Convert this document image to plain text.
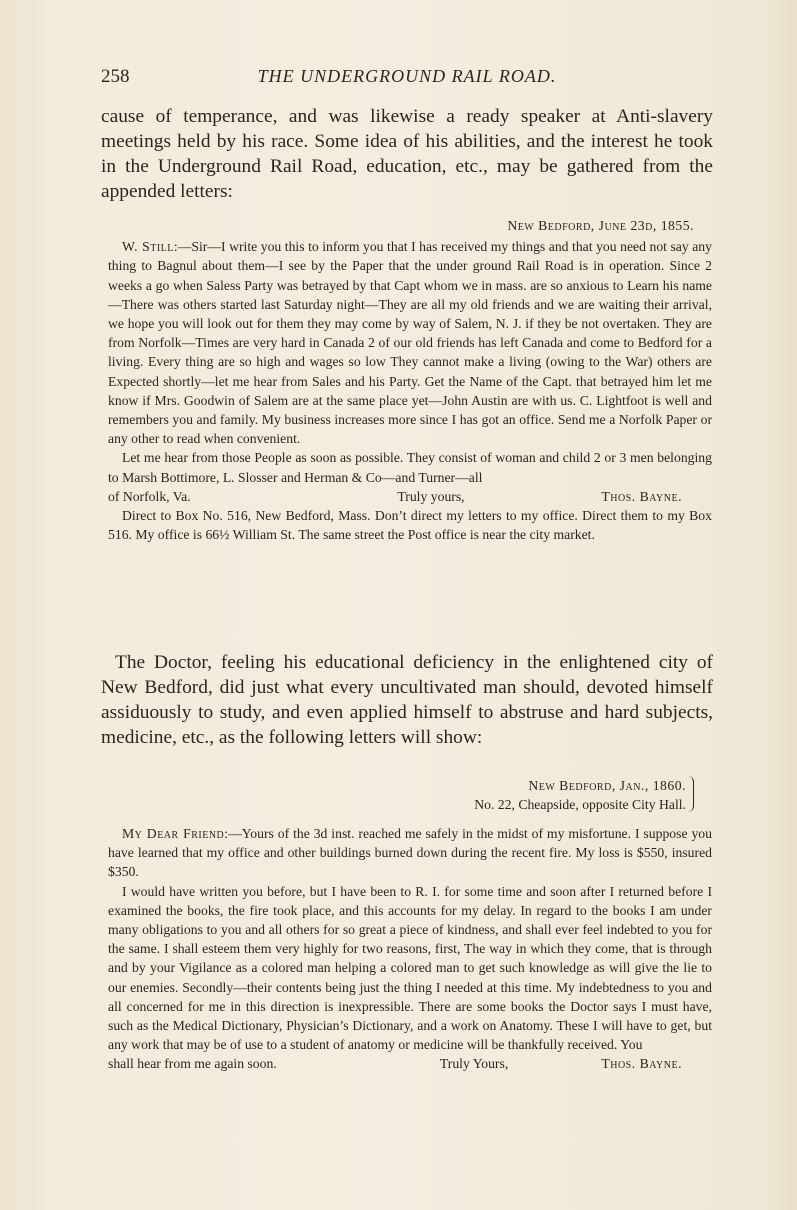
258	THE UNDERGROUND RAIL ROAD.

cause of temperance, and was likewise a ready speaker at Anti-slavery meetings held by his race. Some idea of his abilities, and the interest he took in the Underground Rail Road, education, etc., may be gathered from the appended letters:

New Bedford, June 23d, 1855.

W. Still:—Sir—I write you this to inform you that I has received my things and that you need not say any thing to Bagnul about them—I see by the Paper that the under ground Rail Road is in operation. Since 2 weeks a go when Saless Party was betrayed by that Capt whom we in mass. are so anxious to Learn his name—There was others started last Saturday night—They are all my old friends and we are waiting their arrival, we hope you will look out for them they may come by way of Salem, N. J. if they be not overtaken. They are from Norfolk—Times are very hard in Canada 2 of our old friends has left Canada and come to Bedford for a living. Every thing are so high and wages so low They cannot make a living (owing to the War) others are Expected shortly—let me hear from Sales and his Party. Get the Name of the Capt. that betrayed him let me know if Mrs. Goodwin of Salem are at the same place yet—John Austin are with us. C. Lightfoot is well and remembers you and family. My business increases more since I has got an office. Send me a Norfolk Paper or any other to read when convenient.

Let me hear from those People as soon as possible. They consist of woman and child 2 or 3 men belonging to Marsh Bottimore, L. Slosser and Herman & Co—and Turner—all

of Norfolk, Va.	Truly yours,	Thos. Bayne.

Direct to Box No. 516, New Bedford, Mass. Don’t direct my letters to my office. Direct them to my Box 516. My office is 66½ William St. The same street the Post office is near the city market.

The Doctor, feeling his educational deficiency in the enlightened city of New Bedford, did just what every uncultivated man should, devoted himself assiduously to study, and even applied himself to abstruse and hard subjects, medicine, etc., as the following letters will show:

New Bedford, Jan., 1860.
No. 22, Cheapside, opposite City Hall.

My Dear Friend:—Yours of the 3d inst. reached me safely in the midst of my misfortune. I suppose you have learned that my office and other buildings burned down during the recent fire. My loss is $550, insured $350.

I would have written you before, but I have been to R. I. for some time and soon after I returned before I examined the books, the fire took place, and this accounts for my delay. In regard to the books I am under many obligations to you and all others for so great a piece of kindness, and shall ever feel indebted to you for the same. I shall esteem them very highly for two reasons, first, The way in which they come, that is through and by your Vigilance as a colored man helping a colored man to get such knowledge as will give the lie to our enemies. Secondly—their contents being just the thing I needed at this time. My indebtedness to you and all concerned for me in this direction is inexpressible. There are some books the Doctor says I must have, such as the Medical Dictionary, Physician’s Dictionary, and a work on Anatomy. These I will have to get, but any work that may be of use to a student of anatomy or medicine will be thankfully received. You

shall hear from me again soon.	Truly Yours,	Thos. Bayne.
